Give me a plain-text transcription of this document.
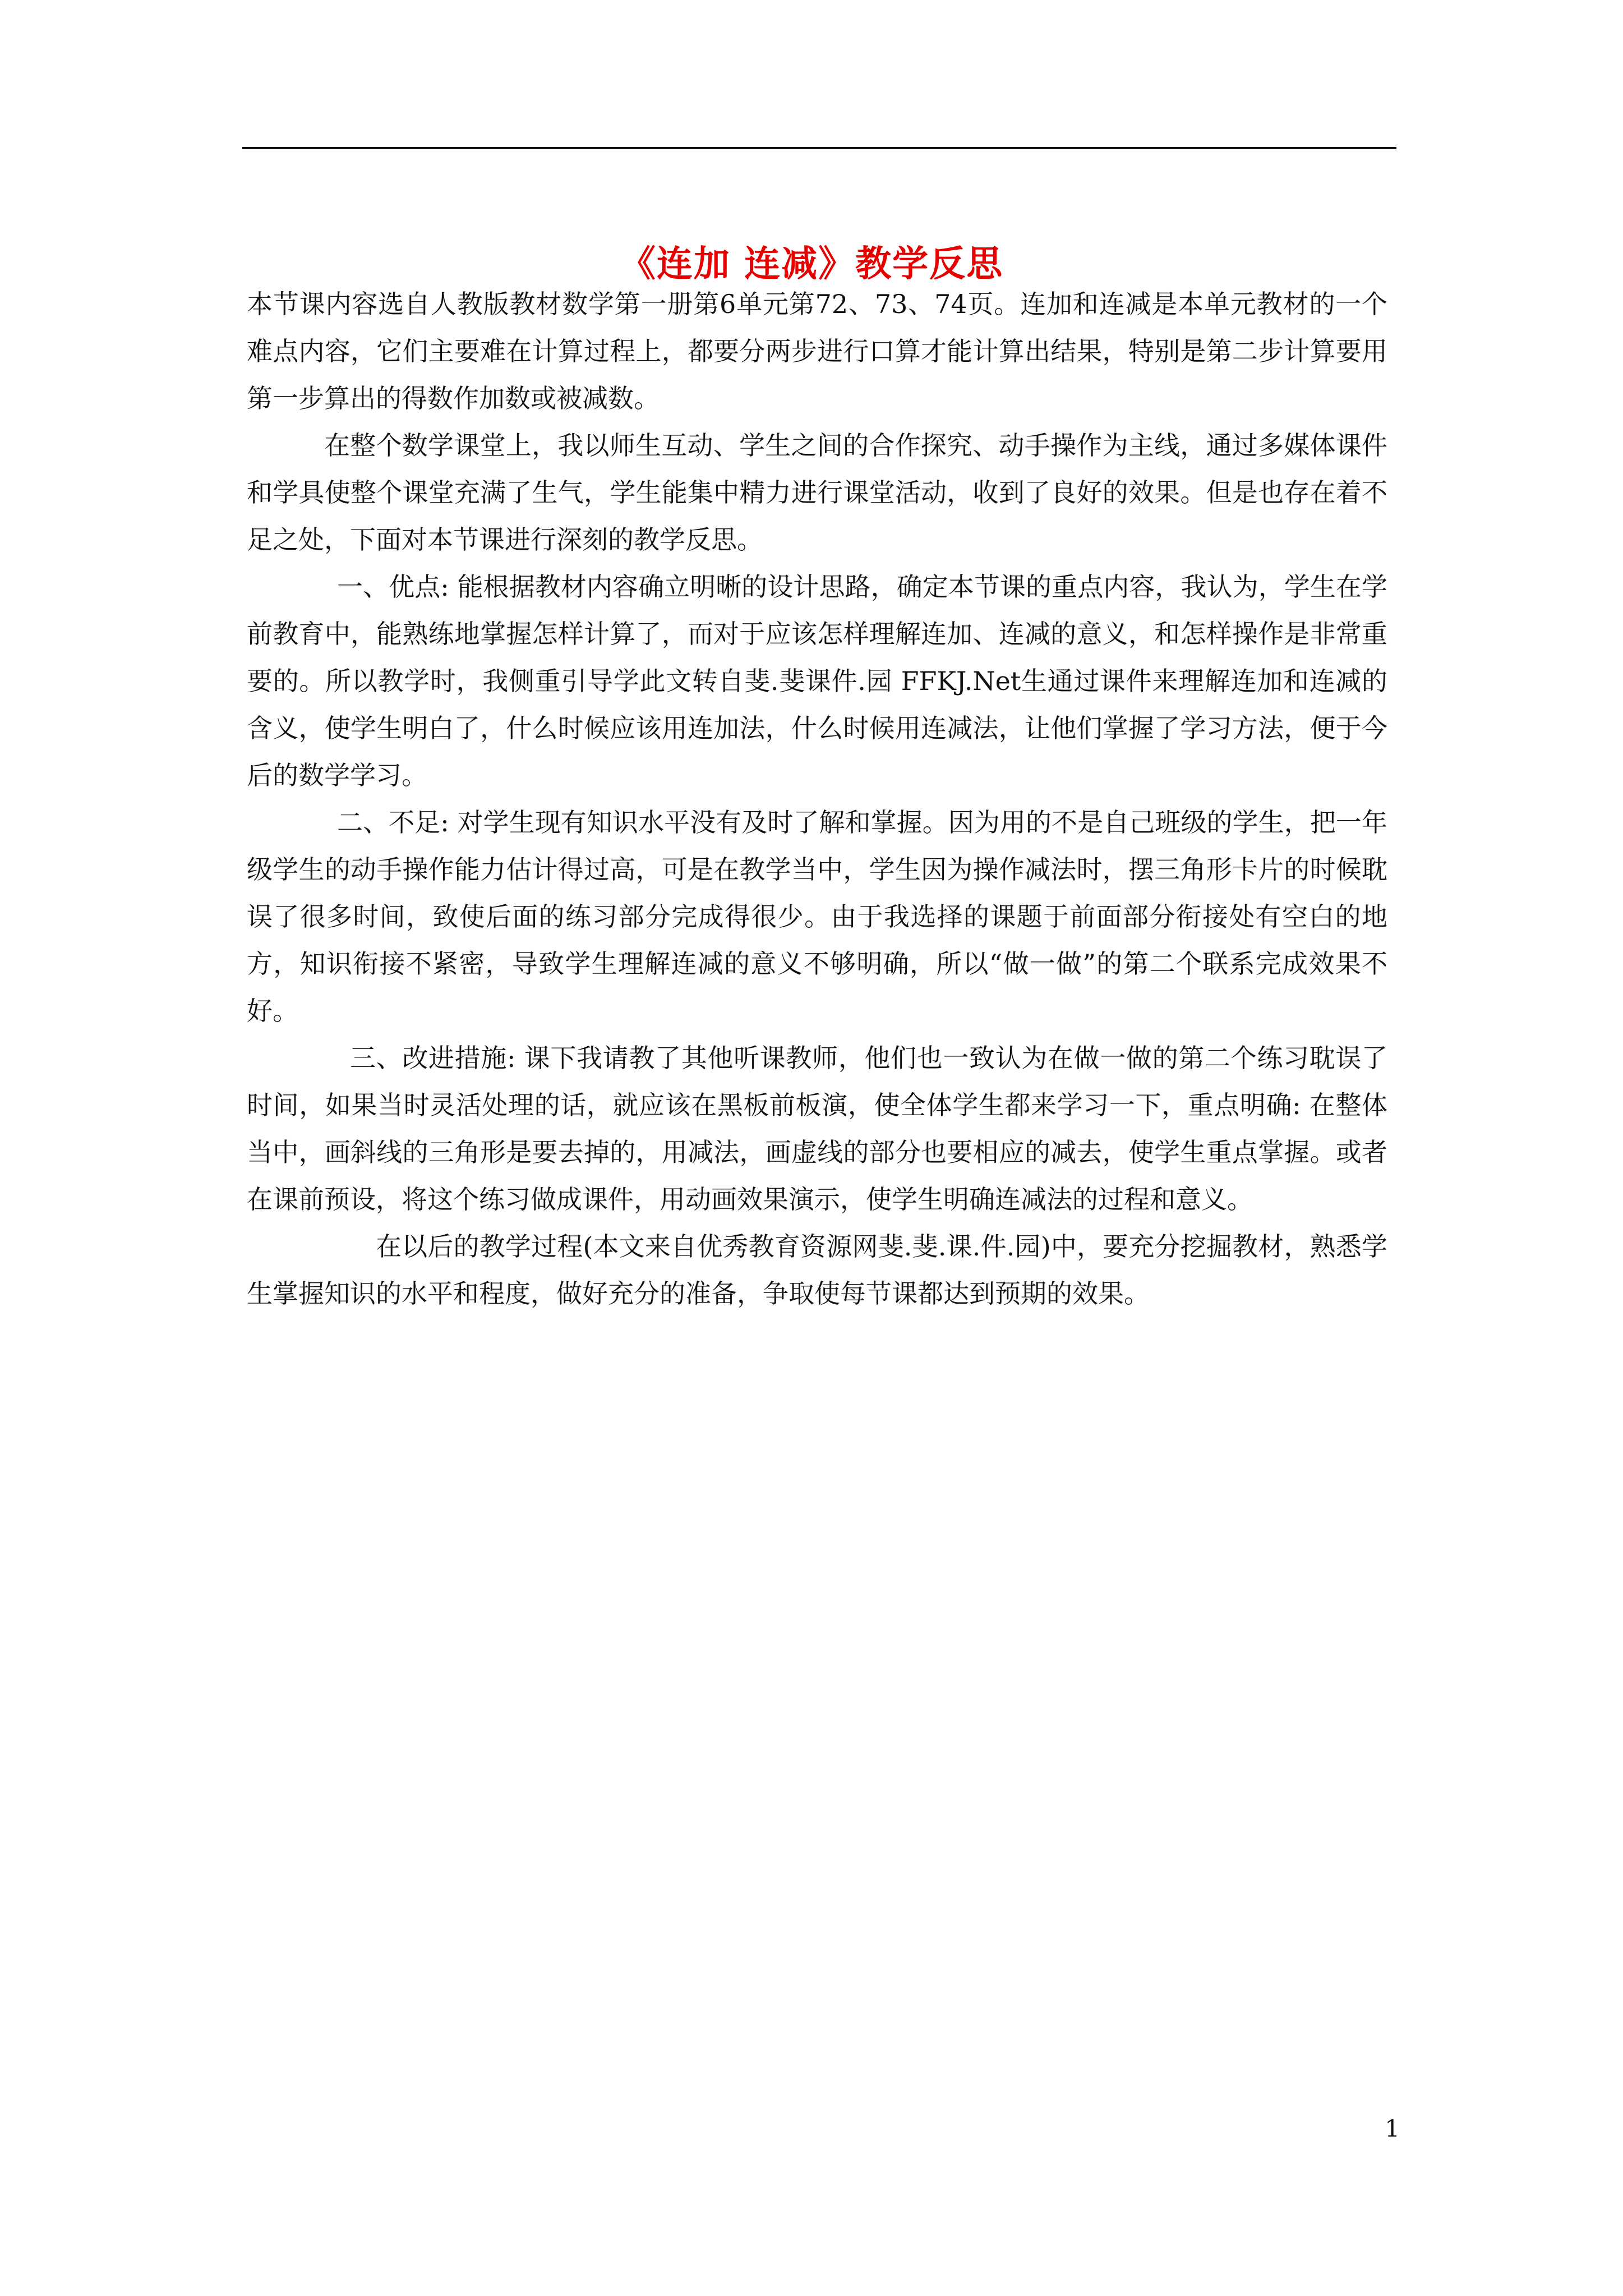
《连加 连减》教学反思

本节课内容选自人教版教材数学第一册第6单元第72、73、74页。连加和连减是本单元教材的一个难点内容，它们主要难在计算过程上，都要分两步进行口算才能计算出结果，特别是第二步计算要用第一步算出的得数作加数或被减数。

在整个数学课堂上，我以师生互动、学生之间的合作探究、动手操作为主线，通过多媒体课件和学具使整个课堂充满了生气，学生能集中精力进行课堂活动，收到了良好的效果。但是也存在着不足之处，下面对本节课进行深刻的教学反思。

一、优点: 能根据教材内容确立明晰的设计思路，确定本节课的重点内容，我认为，学生在学前教育中，能熟练地掌握怎样计算了，而对于应该怎样理解连加、连减的意义，和怎样操作是非常重要的。所以教学时，我侧重引导学此文转自斐.斐课件.园 FFKJ.Net生通过课件来理解连加和连减的含义，使学生明白了，什么时候应该用连加法，什么时候用连减法，让他们掌握了学习方法，便于今后的数学学习。

二、不足: 对学生现有知识水平没有及时了解和掌握。因为用的不是自己班级的学生，把一年级学生的动手操作能力估计得过高，可是在教学当中，学生因为操作减法时，摆三角形卡片的时候耽误了很多时间，致使后面的练习部分完成得很少。由于我选择的课题于前面部分衔接处有空白的地方，知识衔接不紧密，导致学生理解连减的意义不够明确，所以“做一做”的第二个联系完成效果不好。

三、改进措施: 课下我请教了其他听课教师，他们也一致认为在做一做的第二个练习耽误了时间，如果当时灵活处理的话，就应该在黑板前板演，使全体学生都来学习一下，重点明确: 在整体当中，画斜线的三角形是要去掉的，用减法，画虚线的部分也要相应的减去，使学生重点掌握。或者在课前预设，将这个练习做成课件，用动画效果演示，使学生明确连减法的过程和意义。

在以后的教学过程(本文来自优秀教育资源网斐.斐.课.件.园)中，要充分挖掘教材，熟悉学生掌握知识的水平和程度，做好充分的准备，争取使每节课都达到预期的效果。

1
